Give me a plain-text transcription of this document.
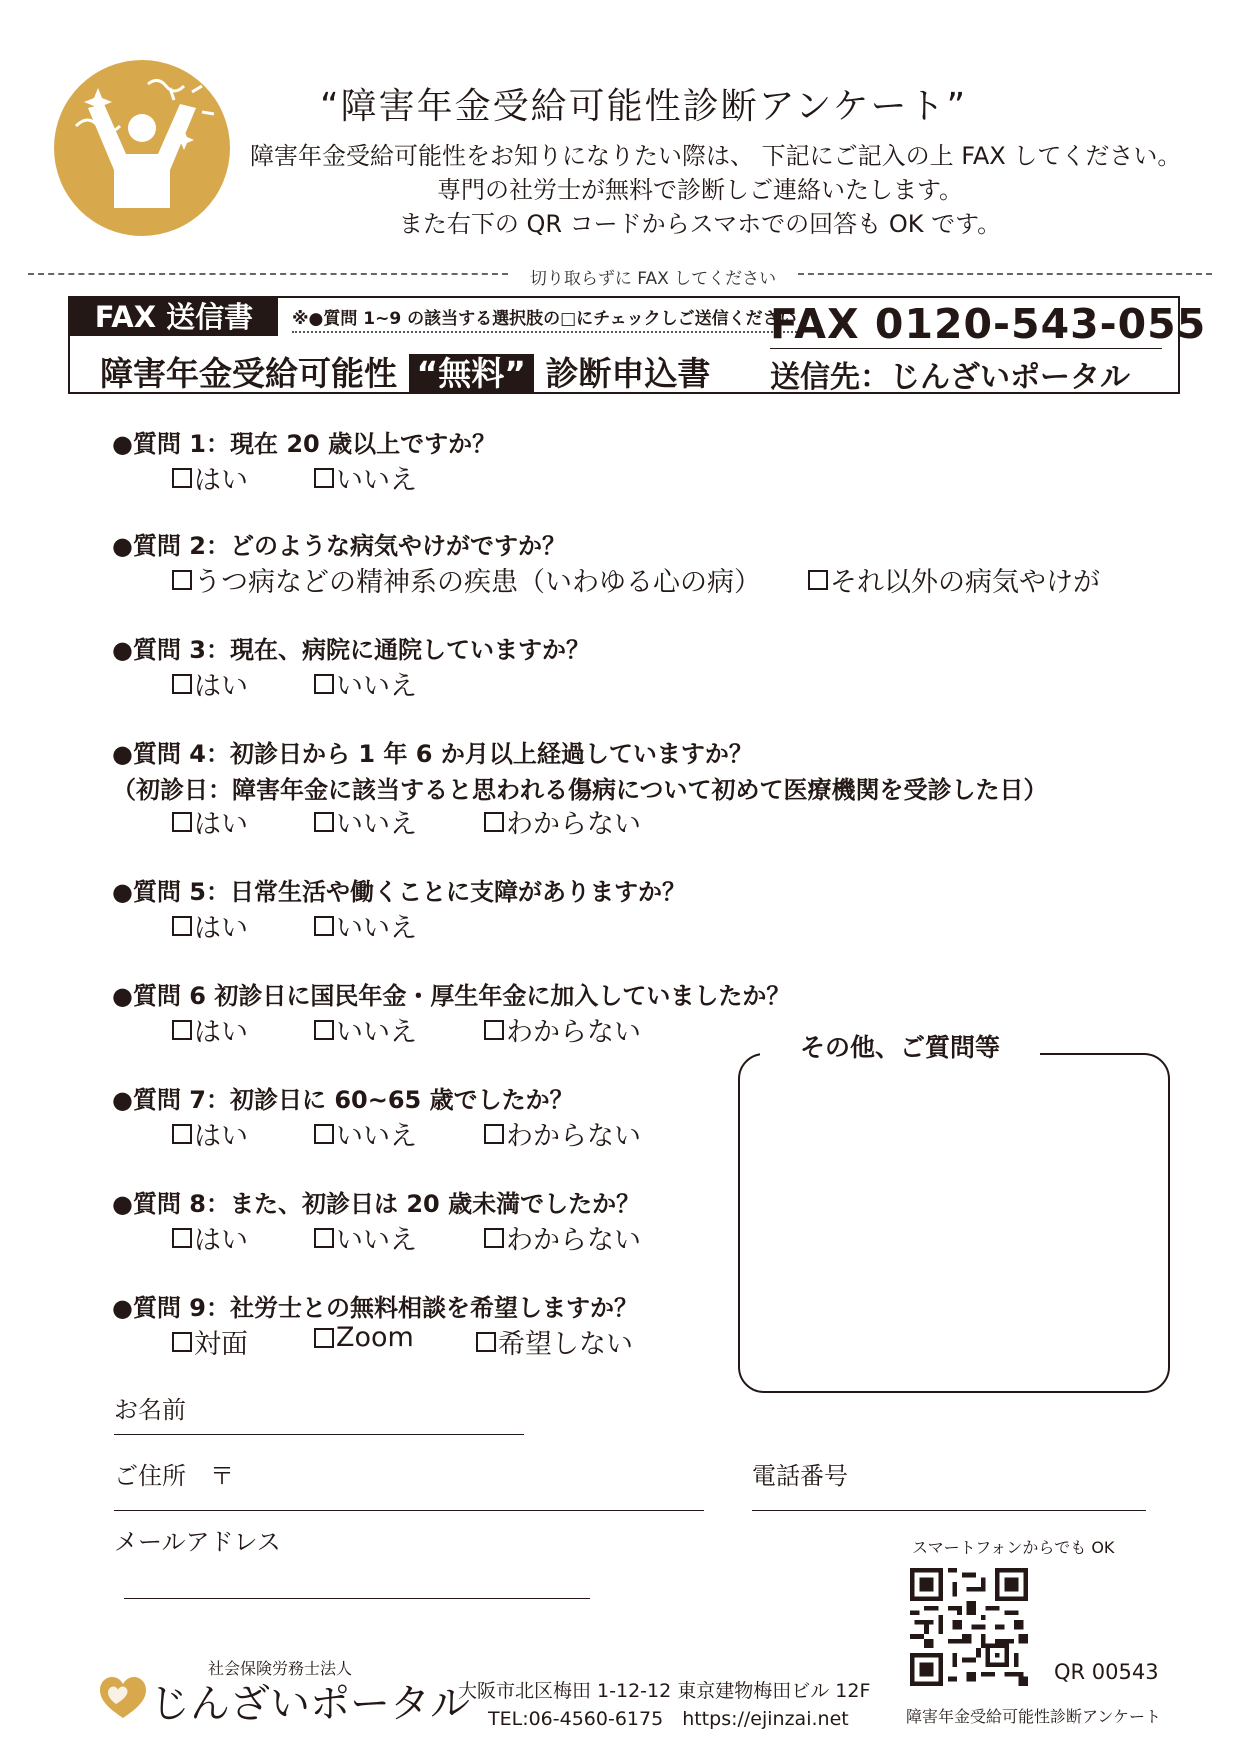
“障害年金受給可能性診断アンケート”
障害年金受給可能性をお知りになりたい際は、 下記にご記入の上 FAX してください。
専門の社労士が無料で診断しご連絡いたします。
また右下の QR コードからスマホでの回答も OK です。
切り取らずに FAX してください
FAX 送信書	※●質問 1~9 の該当する選択肢の□にチェックしご送信ください
FAX 0120-543-055
障害年金受給可能性 “無料” 診断申込書 送信先：じんざいポータル
●質問 1：現在 20 歳以上ですか？
はい	いいえ
●質問 2：どのような病気やけがですか？
うつ病などの精神系の疾患（いわゆる心の病）	それ以外の病気やけが
●質問 3：現在、病院に通院していますか？
はい	いいえ
●質問 4：初診日から 1 年 6 か月以上経過していますか？
（初診日：障害年金に該当すると思われる傷病について初めて医療機関を受診した日）
はい	いいえ	わからない
●質問 5：日常生活や働くことに支障がありますか？
はい	いいえ
●質問 6 初診日に国民年金・厚生年金に加入していましたか？
はい	いいえ	わからない
●質問 7：初診日に 60~65 歳でしたか？
はい	いいえ	わからない
●質問 8：また、初診日は 20 歳未満でしたか？
はい	いいえ	わからない
●質問 9：社労士との無料相談を希望しますか？
対面	Zoom	希望しない
その他、ご質問等
お名前
ご住所　〒	電話番号
メールアドレス	スマートフォンからでも OK
QR 00543
障害年金受給可能性診断アンケート
社会保険労務士法人
じんざいポータル
大阪市北区梅田 1-12-12 東京建物梅田ビル 12F
TEL:06-4560-6175　https://ejinzai.net
